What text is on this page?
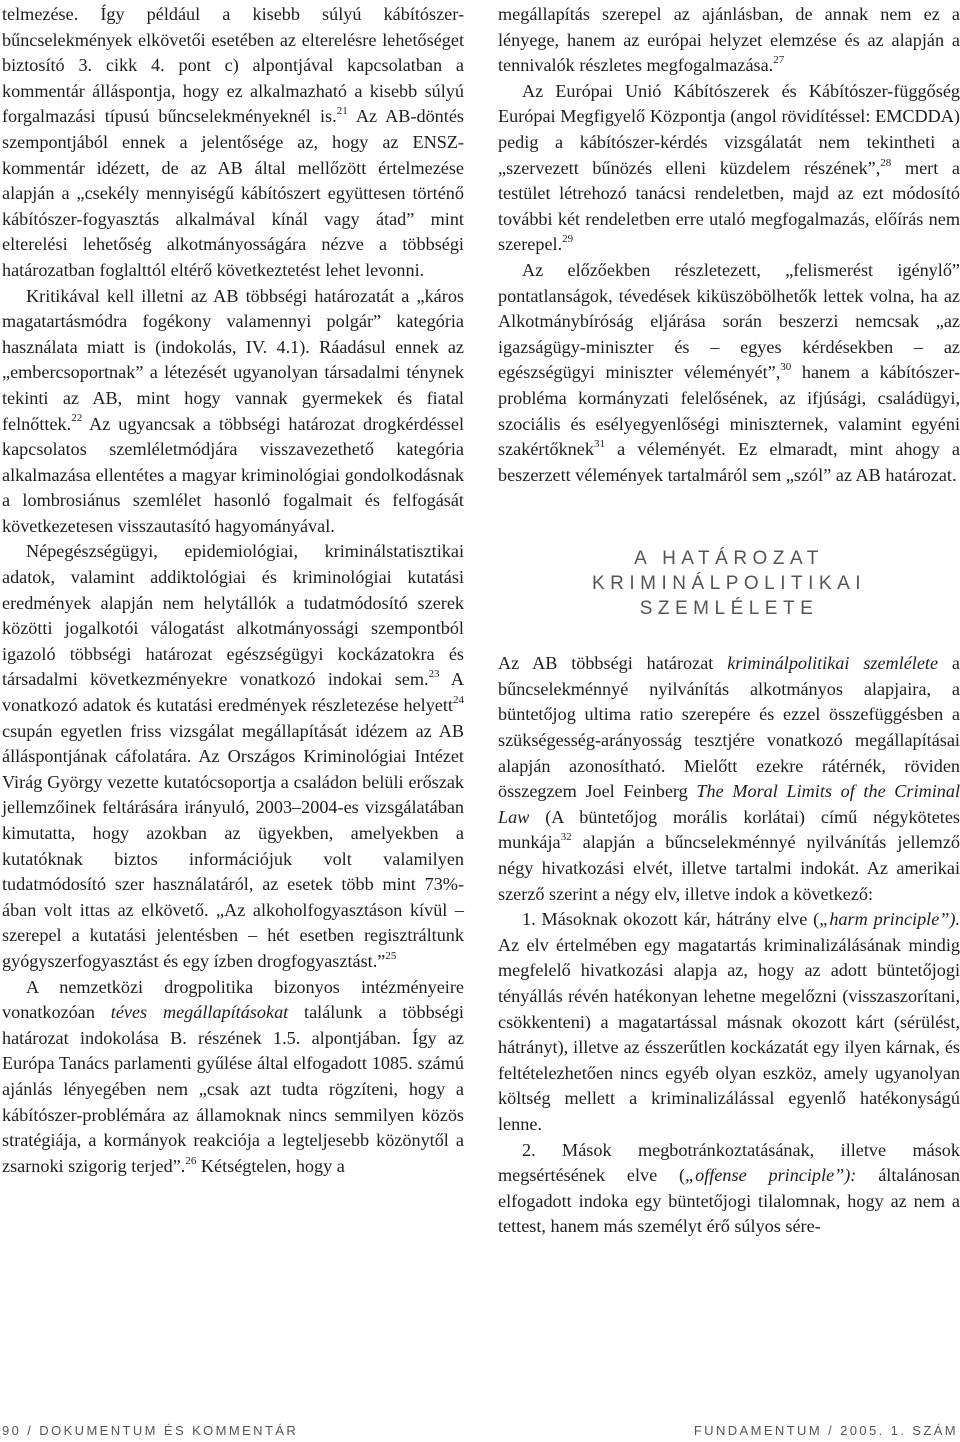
telmezése. Így például a kisebb súlyú kábítószer-bűncselekmények elkövetői esetében az elterelésre lehetőséget biztosító 3. cikk 4. pont c) alpontjával kapcsolatban a kommentár álláspontja, hogy ez alkalmazható a kisebb súlyú forgalmazási típusú bűncselekményeknél is.$^{21}$ Az AB-döntés szempontjából ennek a jelentősége az, hogy az ENSZ-kommentár idézett, de az AB által mellőzött értelmezése alapján a „csekély mennyiségű kábítószert együttesen történő kábítószer-fogyasztás alkalmával kínál vagy átad” mint elterelési lehetőség alkotmányosságára nézve a többségi határozatban foglalttól eltérő következtetést lehet levonni.

Kritikával kell illetni az AB többségi határozatát a „káros magatartásmódra fogékony valamennyi polgár” kategória használata miatt is (indokolás, IV. 4.1). Ráadásul ennek az „embercsoportnak” a létezését ugyanolyan társadalmi ténynek tekinti az AB, mint hogy vannak gyermekek és fiatal felnőttek.$^{22}$ Az ugyancsak a többségi határozat drogkérdéssel kapcsolatos szemléletmódjára visszavezethető kategória alkalmazása ellentétes a magyar kriminológiai gondolkodásnak a lombrosiánus szemlélet hasonló fogalmait és felfogását következetesen visszautasító hagyományával.

Népegészségügyi, epidemiológiai, kriminálstatisztikai adatok, valamint addiktológiai és kriminológiai kutatási eredmények alapján nem helytállók a tudatmódosító szerek közötti jogalkotói válogatást alkotmányossági szempontból igazoló többségi határozat egészségügyi kockázatokra és társadalmi következményekre vonatkozó indokai sem.$^{23}$ A vonatkozó adatok és kutatási eredmények részletezése helyett$^{24}$ csupán egyetlen friss vizsgálat megállapítását idézem az AB álláspontjának cáfolatára. Az Országos Kriminológiai Intézet Virág György vezette kutatócsoportja a családon belüli erőszak jellemzőinek feltárására irányuló, 2003–2004-es vizsgálatában kimutatta, hogy azokban az ügyekben, amelyekben a kutatóknak biztos információjuk volt valamilyen tudatmódosító szer használatáról, az esetek több mint 73%-ában volt ittas az elkövető. „Az alkoholfogyasztáson kívül – szerepel a kutatási jelentésben – hét esetben regisztráltunk gyógyszerfogyasztást és egy ízben drogfogyasztást.”$^{25}$

A nemzetközi drogpolitika bizonyos intézményeire vonatkozóan téves megállapításokat találunk a többségi határozat indokolása B. részének 1.5. alpontjában. Így az Európa Tanács parlamenti gyűlése által elfogadott 1085. számú ajánlás lényegében nem „csak azt tudta rögzíteni, hogy a kábítószer-problémára az államoknak nincs semmilyen közös stratégiája, a kormányok reakciója a legteljesebb közönytől a zsarnoki szigorig terjed”.$^{26}$ Kétségtelen, hogy a

megállapítás szerepel az ajánlásban, de annak nem ez a lényege, hanem az európai helyzet elemzése és az alapján a tennivalók részletes megfogalmazása.$^{27}$

Az Európai Unió Kábítószerek és Kábítószer-függőség Európai Megfigyelő Központja (angol rövidítéssel: EMCDDA) pedig a kábítószer-kérdés vizsgálatát nem tekintheti a „szervezett bűnözés elleni küzdelem részének”,$^{28}$ mert a testület létrehozó tanácsi rendeletben, majd az ezt módosító további két rendeletben erre utaló megfogalmazás, előírás nem szerepel.$^{29}$

Az előzőekben részletezett, „felismerést igénylő” pontatlanságok, tévedések kiküszöbölhetők lettek volna, ha az Alkotmánybíróság eljárása során beszerzi nemcsak „az igazságügy-miniszter és – egyes kérdésekben – az egészségügyi miniszter véleményét”,$^{30}$ hanem a kábítószer-probléma kormányzati felelősének, az ifjúsági, családügyi, szociális és esélyegyenlőségi miniszternek, valamint egyéni szakértőknek$^{31}$ a véleményét. Ez elmaradt, mint ahogy a beszerzett vélemények tartalmáról sem „szól” az AB határozat.

A HATÁROZAT
KRIMINÁLPOLITIKAI
SZEMLÉLETE

Az AB többségi határozat kriminálpolitikai szemlélete a bűncselekménnyé nyilvánítás alkotmányos alapjaira, a büntetőjog ultima ratio szerepére és ezzel összefüggésben a szükségesség-arányosság tesztjére vonatkozó megállapításai alapján azonosítható. Mielőtt ezekre rátérnék, röviden összegzem Joel Feinberg The Moral Limits of the Criminal Law (A büntetőjog morális korlátai) című négykötetes munkája$^{32}$ alapján a bűncselekménnyé nyilvánítás jellemző négy hivatkozási elvét, illetve tartalmi indokát. Az amerikai szerző szerint a négy elv, illetve indok a következő:

1. Másoknak okozott kár, hátrány elve („harm principle”). Az elv értelmében egy magatartás kriminalizálásának mindig megfelelő hivatkozási alapja az, hogy az adott büntetőjogi tényállás révén hatékonyan lehetne megelőzni (visszaszorítani, csökkenteni) a magatartással másnak okozott kárt (sérülést, hátrányt), illetve az ésszerűtlen kockázatát egy ilyen kárnak, és feltételezhetően nincs egyéb olyan eszköz, amely ugyanolyan költség mellett a kriminalizálással egyenlő hatékonyságú lenne.

2. Mások megbotránkoztatásának, illetve mások megsértésének elve („offense principle”): általánosan elfogadott indoka egy büntetőjogi tilalomnak, hogy az nem a tettest, hanem más személyt érő súlyos sére-

90 / DOKUMENTUM ÉS KOMMENTÁR	FUNDAMENTUM / 2005. 1. SZÁM
